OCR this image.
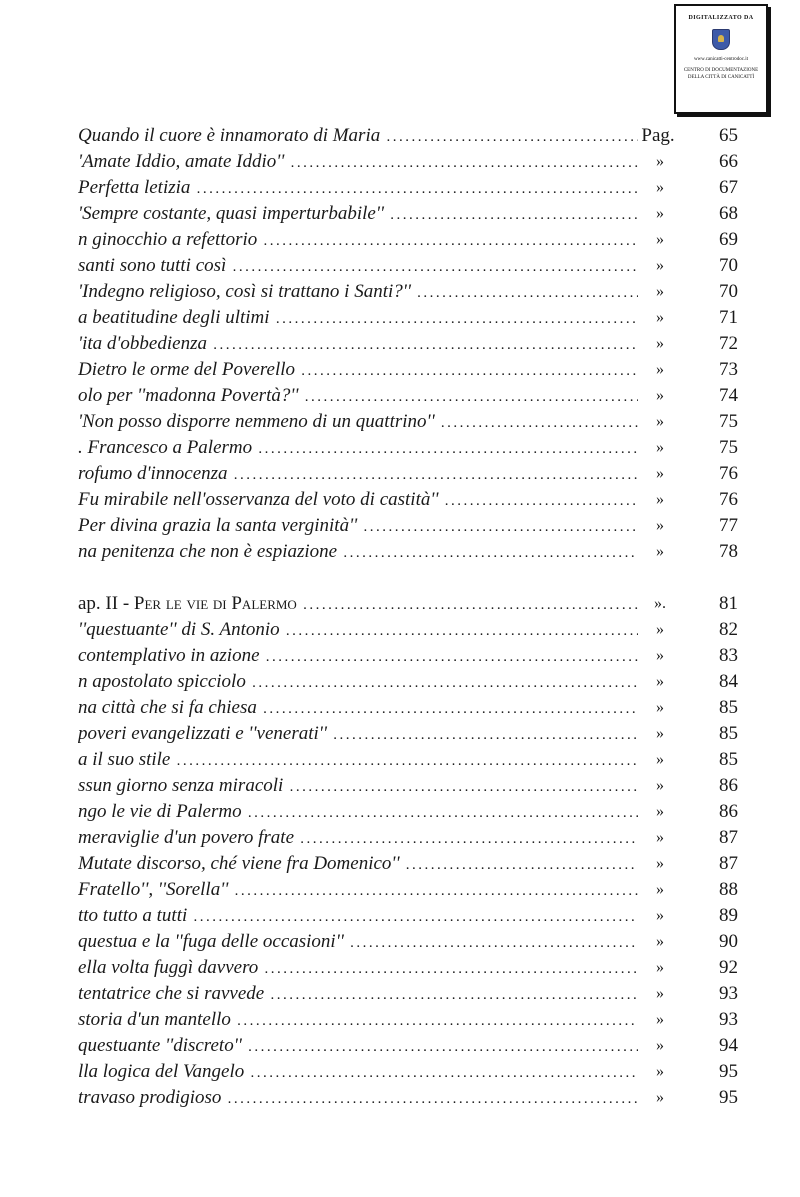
DIGITALIZZATO DA
www.canicatti-centrodoc.it
CENTRO DI DOCUMENTAZIONE
DELLA CITTÀ DI CANICATTÌ
Quando il cuore è innamorato di Maria .....	Pag.	65
'Amate Iddio, amate Iddio'' .....	»	66
Perfetta letizia .....	»	67
'Sempre costante, quasi imperturbabile'' .....	»	68
n ginocchio a refettorio .....	»	69
santi sono tutti così .....	»	70
'Indegno religioso, così si trattano i Santi?'' .....	»	70
a beatitudine degli ultimi .....	»	71
'ita d'obbedienza .....	»	72
Dietro le orme del Poverello .....	»	73
olo per ''madonna Povertà?'' .....	»	74
'Non posso disporre nemmeno di un quattrino'' .....	»	75
. Francesco a Palermo .....	»	75
rofumo d'innocenza .....	»	76
Fu mirabile nell'osservanza del voto di castità'' .....	»	76
Per divina grazia la santa verginità'' .....	»	77
na penitenza che non è espiazione .....	»	78
ap. II - Per le vie di Palermo .....	».	81
''questuante'' di S. Antonio .....	»	82
contemplativo in azione .....	»	83
n apostolato spicciolo .....	»	84
na città che si fa chiesa .....	»	85
poveri evangelizzati e ''venerati'' .....	»	85
a il suo stile .....	»	85
ssun giorno senza miracoli .....	»	86
ngo le vie di Palermo .....	»	86
meraviglie d'un povero frate .....	»	87
Mutate discorso, ché viene fra Domenico'' .....	»	87
Fratello'', ''Sorella'' .....	»	88
tto tutto a tutti .....	»	89
questua e la ''fuga delle occasioni'' .....	»	90
ella volta fuggì davvero .....	»	92
tentatrice che si ravvede .....	»	93
storia d'un mantello .....	»	93
questuante ''discreto'' .....	»	94
lla logica del Vangelo .....	»	95
travaso prodigioso .....	»	95
